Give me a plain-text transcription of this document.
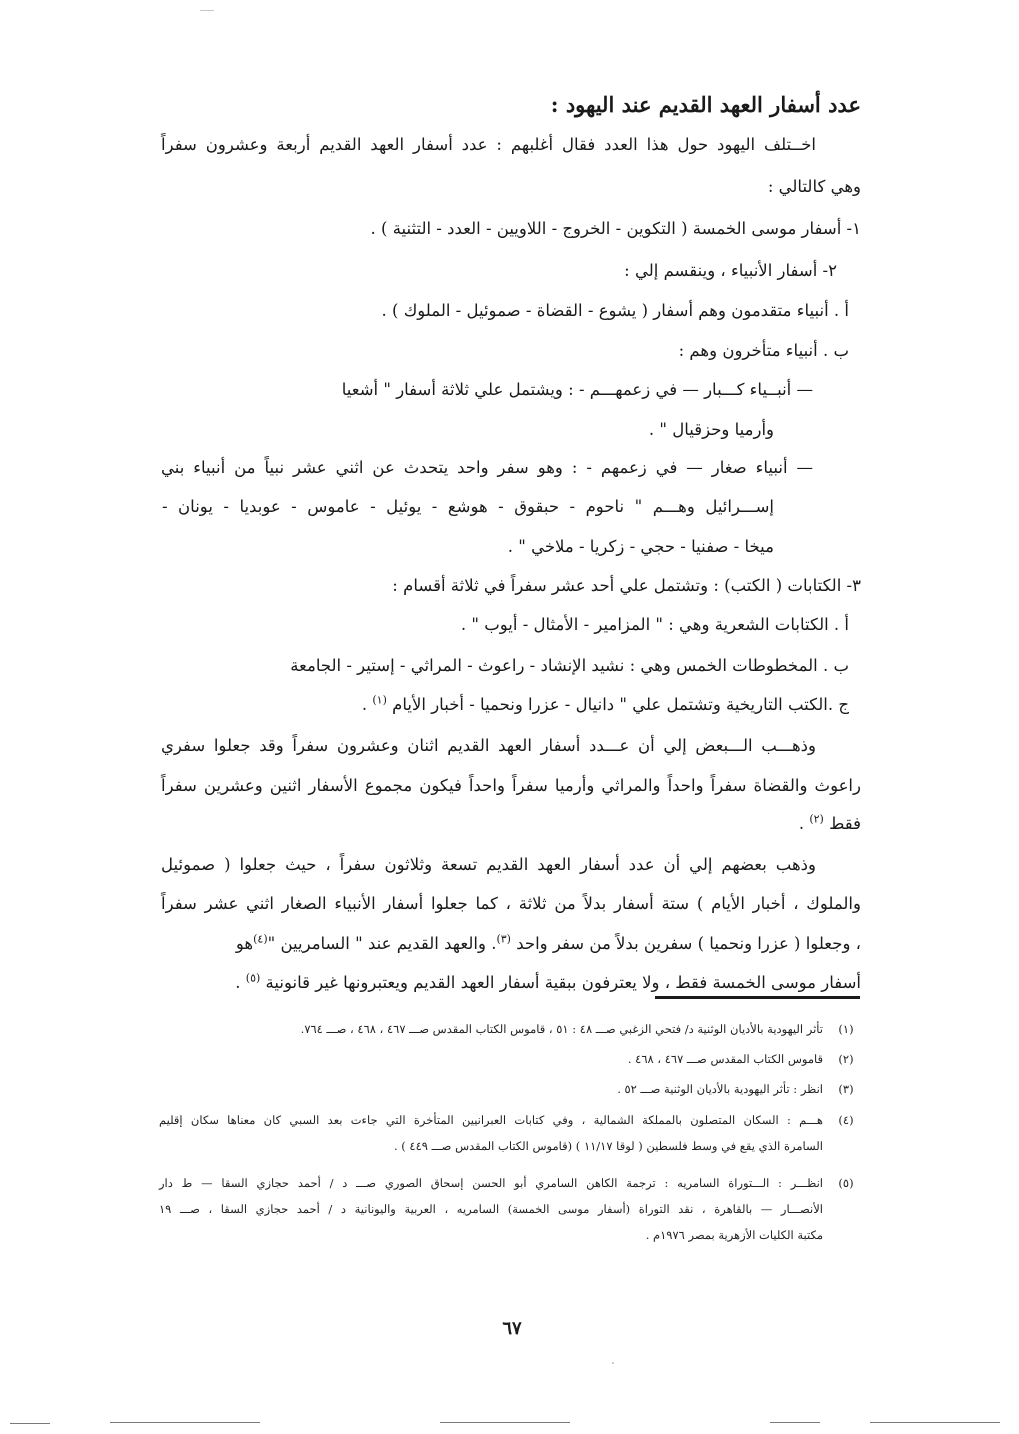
عدد أسفار العهد القديم عند اليهود :
اخــتلف اليهود حول هذا العدد فقال أغلبهم : عدد أسفار العهد القديم أربعة وعشرون سفراً
وهي كالتالي :
١- أسفار موسى الخمسة ( التكوين - الخروج - اللاويين - العدد - التثنية ) .
٢- أسفار الأنبياء ، وينقسم إلي :
أ . أنبياء متقدمون وهم أسفار ( يشوع - القضاة - صموئيل - الملوك ) .
ب . أنبياء متأخرون وهم :
— أنبــياء كـــبار — في زعمهـــم - : ويشتمل علي ثلاثة أسفار " أشعيا
وأرميا وحزقيال " .
— أنبياء صغار — في زعمهم - : وهو سفر واحد يتحدث عن اثني عشر نبياً من أنبياء بني
إســـرائيل وهـــم " ناحوم - حبقوق - هوشع - يوئيل - عاموس - عوبديا - يونان -
ميخا - صفنيا - حجي - زكريا - ملاخي " .
٣- الكتابات ( الكتب) : وتشتمل علي أحد عشر سفراً في ثلاثة أقسام :
أ . الكتابات الشعرية وهي : " المزامير - الأمثال - أيوب " .
ب . المخطوطات الخمس وهي : نشيد الإنشاد - راعوث - المراثي - إستير - الجامعة
ج .الكتب التاريخية وتشتمل علي " دانيال - عزرا ونحميا - أخبار الأيام $^{(١)}$ .
وذهـــب الـــبعض إلي أن عـــدد أسفار العهد القديم اثنان وعشرون سفراً وقد جعلوا سفري
راعوث والقضاة سفراً واحداً والمراثي وأرميا سفراً واحداً فيكون مجموع الأسفار اثنين وعشرين سفراً
فقط $^{(٢)}$ .
وذهب بعضهم إلي أن عدد أسفار العهد القديم تسعة وثلاثون سفراً ، حيث جعلوا ( صموئيل
والملوك ، أخبار الأيام ) ستة أسفار بدلاً من ثلاثة ، كما جعلوا أسفار الأنبياء الصغار اثني عشر سفراً
، وجعلوا ( عزرا ونحميا ) سفرين بدلاً من سفر واحد $^{(٣)}$. والعهد القديم عند " السامريين "$^{(٤)}$هو
أسفار موسى الخمسة فقط ، ولا يعترفون ببقية أسفار العهد القديم ويعتبرونها غير قانونية $^{(٥)}$ .
(١)
تأثر اليهودية بالأديان الوثنية د/ فتحي الزغبي صـــ ٤٨ : ٥١ ، قاموس الكتاب المقدس صـــ ٤٦٧ ، ٤٦٨ ، صـــ ٧٦٤.
(٢)
قاموس الكتاب المقدس صـــ ٤٦٧ ، ٤٦٨ .
(٣)
انظر : تأثر اليهودية بالأديان الوثنية صـــ ٥٢ .
(٤)
هـــم : السكان المتصلون بالمملكة الشمالية ، وفي كتابات العبرانيين المتأخرة التي جاءت بعد السبي كان معناها سكان إقليم
السامرة الذي يقع في وسط فلسطين ( لوقا ١١/١٧ ) (قاموس الكتاب المقدس صـــ ٤٤٩ ) .
(٥)
انظـــر : الـــتوراة السامريه : ترجمة الكاهن السامري أبو الحسن إسحاق الصوري صـــ د / أحمد حجازي السقا — ط دار
الأنصـــار — بالقاهرة ، نقد التوراة (أسفار موسى الخمسة) السامريه ، العربية واليونانية د / أحمد حجازي السقا ، صـــ ١٩
مكتبة الكليات الأزهرية بمصر ١٩٧٦م .
٦٧
